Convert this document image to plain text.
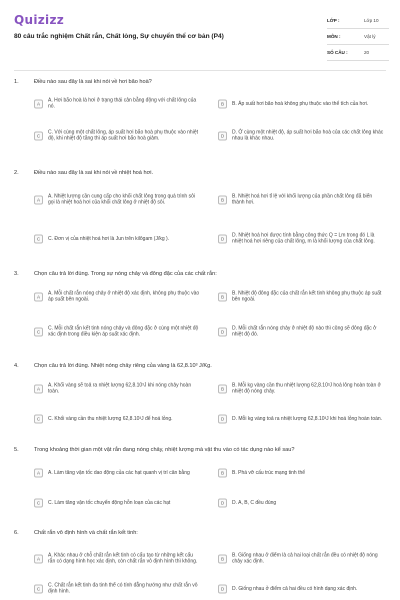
Quizizz
80 câu trắc nghiệm Chất rắn, Chất lỏng, Sự chuyển thể cơ bản (P4)
LỚP :	Lớp 10
MÔN :	Vật lý
SỐ CÂU :	20
1.	Điều nào sau đây là sai khi nói về hơi bão hoà?
A
A. Hơi bão hoà là hơi ở trạng thái cân bằng động với chất lỏng của nó.	B	B. Áp suất hơi bão hoà không phụ thuộc vào thể tích của hơi.
C
C. Với cùng một chất lỏng, áp suất hơi bão hoà phụ thuộc vào nhiệt độ, khi nhiệt độ tăng thì áp suất hơi bão hoà giảm.	D
D. Ở cùng một nhiệt độ, áp suất hơi bão hoà của các chất lỏng khác nhau là khác nhau.
2.	Điều nào sau đây là sai khi nói về nhiệt hoá hơi.
A
A. Nhiệt lượng cần cung cấp cho khối chất lỏng trong quá trình sôi gọi là nhiệt hoá hơi của khối chất lỏng ở nhiệt độ sôi.	B
B. Nhiệt hoá hơi tỉ lệ với khối lượng của phần chất lỏng đã biến thành hơi.
C	C. Đơn vị của nhiệt hoá hơi là Jun trên kilôgam (J/kg ).	D
D. Nhiệt hoá hơi được tính bằng công thức Q = Lm trong đó L là nhiệt hoá hơi riêng của chất lỏng, m là khối lượng của chất lỏng.
3.	Chọn câu trả lời đúng. Trong sự nóng chảy và đông đặc của các chất rắn:
A
A. Mỗi chất rắn nóng chảy ở nhiệt độ xác định, không phụ thuộc vào áp suất bên ngoài.	B
B. Nhiệt độ đông đặc của chất rắn kết tinh không phụ thuộc áp suất bên ngoài.
C
C. Mỗi chất rắn kết tinh nóng chảy và đông đặc ở cùng một nhiệt độ xác định trong điều kiện áp suất xác định.	D
D. Mỗi chất rắn nóng chảy ở nhiệt độ nào thì cũng sẽ đông đặc ở nhiệt độ đó.
4.	Chọn câu trả lời đúng. Nhiệt nóng chảy riêng của vàng là 62,8.10³ J/Kg.
A
A. Khối vàng sẽ toả ra nhiệt lượng 62,8.10³J khi nóng chảy hoàn toàn.	B
B. Mỗi kg vàng cần thu nhiệt lượng 62,8.10³J hoá lỏng hoàn toàn ở nhiệt độ nóng chảy.
C	C. Khối vàng cần thu nhiệt lượng 62,8.10³J để hoá lỏng.	D	D. Mỗi kg vàng toả ra nhiệt lượng 62,8.10³J khi hoá lỏng hoàn toàn.
5.	Trong khoảng thời gian một vật rắn đang nóng chảy, nhiệt lượng mà vật thu vào có tác dụng nào kể sau?
A	A. Làm tăng vận tốc dao động của các hạt quanh vị trí cân bằng	B	B. Phá vỡ cấu trúc mạng tinh thể
C	C. Làm tăng vận tốc chuyển động hỗn loạn của các hạt	D	D. A, B, C đều đúng
6.	Chất rắn vô định hình và chất rắn kết tinh:
A
A. Khác nhau ở chỗ chất rắn kết tinh có cấu tạo từ những kết cấu rắn có dạng hình học xác định, còn chất rắn vô định hình thì không.	B
B. Giống nhau ở điểm là cả hai loại chất rắn đều có nhiệt độ nóng chảy xác định.
C
C. Chất rắn kết tinh đa tinh thể có tính đẳng hướng như chất rắn vô định hình.	D	D. Giống nhau ở điểm cả hai đều có hình dạng xác định.
